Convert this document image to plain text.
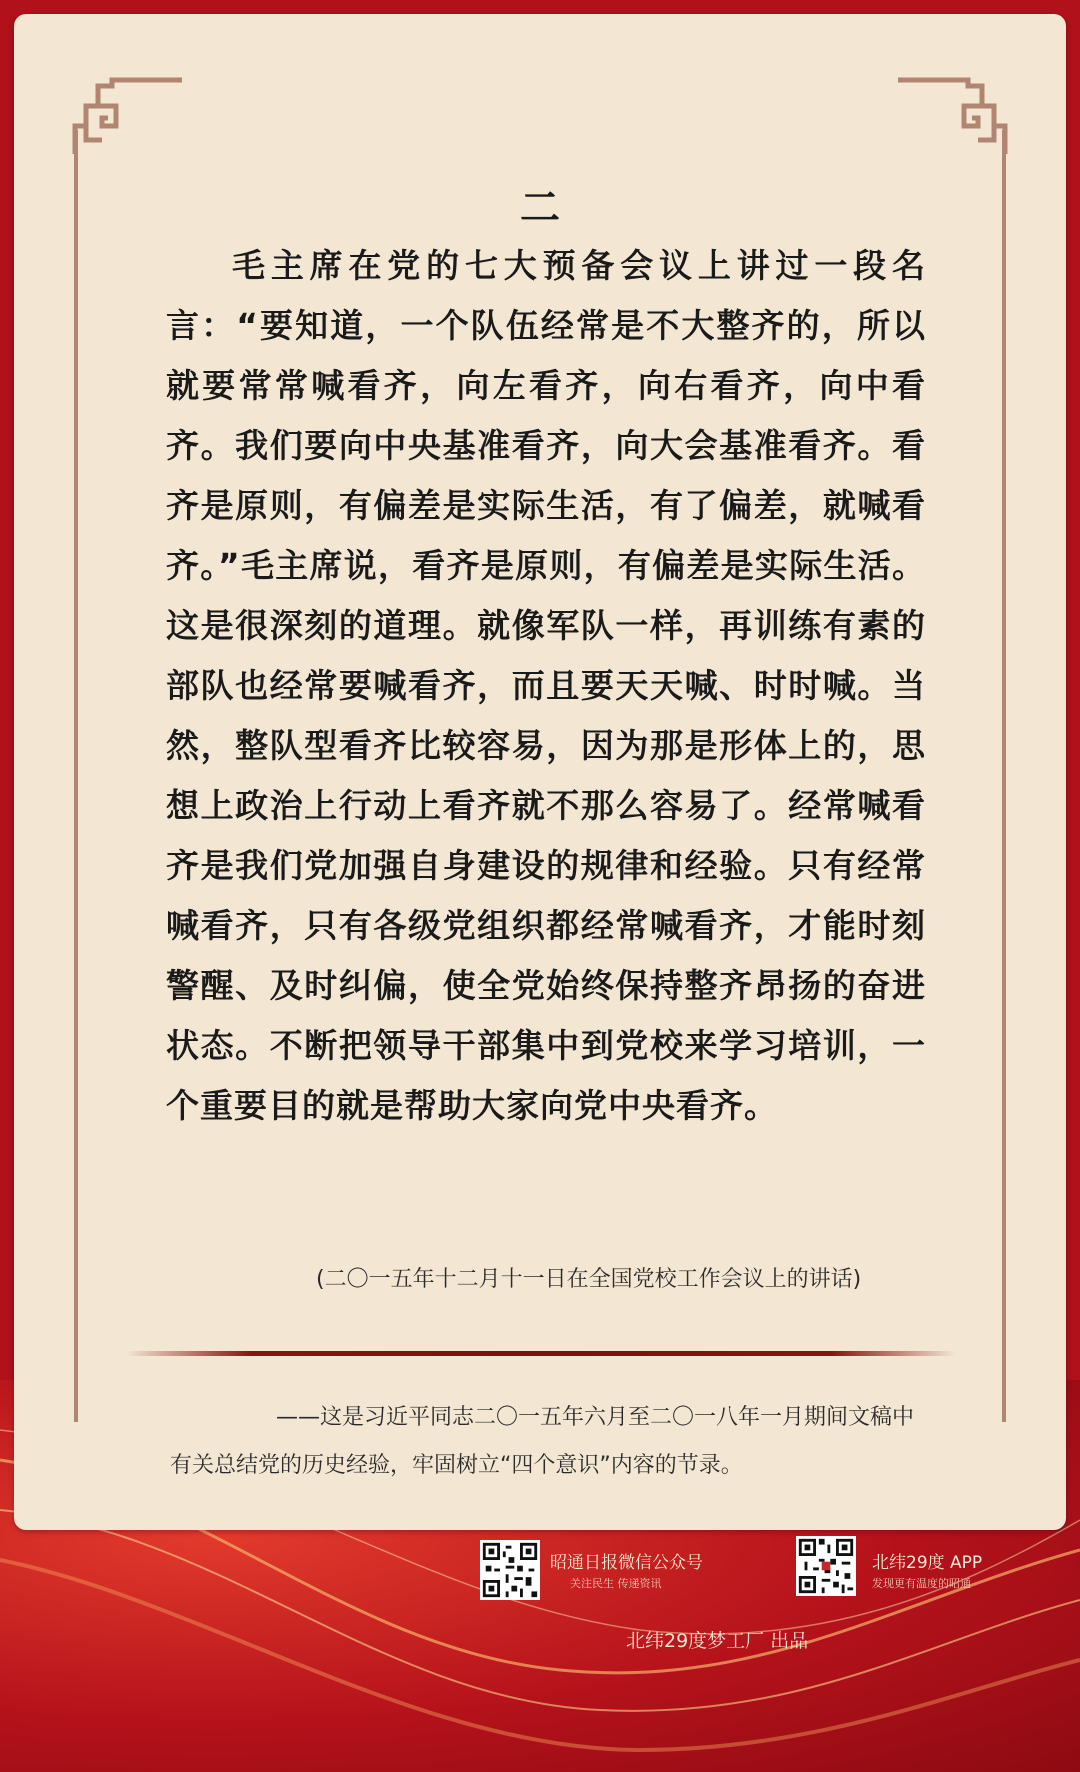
二
毛主席在党的七大预备会议上讲过一段名言：“要知道，一个队伍经常是不大整齐的，所以就要常常喊看齐，向左看齐，向右看齐，向中看齐。我们要向中央基准看齐，向大会基准看齐。看齐是原则，有偏差是实际生活，有了偏差，就喊看齐。”毛主席说，看齐是原则，有偏差是实际生活。这是很深刻的道理。就像军队一样，再训练有素的部队也经常要喊看齐，而且要天天喊、时时喊。当然，整队型看齐比较容易，因为那是形体上的，思想上政治上行动上看齐就不那么容易了。经常喊看齐是我们党加强自身建设的规律和经验。只有经常喊看齐，只有各级党组织都经常喊看齐，才能时刻警醒、及时纠偏，使全党始终保持整齐昂扬的奋进状态。不断把领导干部集中到党校来学习培训，一个重要目的就是帮助大家向党中央看齐。
(二〇一五年十二月十一日在全国党校工作会议上的讲话)
——这是习近平同志二〇一五年六月至二〇一八年一月期间文稿中
有关总结党的历史经验，牢固树立“四个意识”内容的节录。
昭通日报微信公众号
关注民生 传递资讯
北纬29度 APP
发现更有温度的昭通
北纬29度梦工厂 出品
